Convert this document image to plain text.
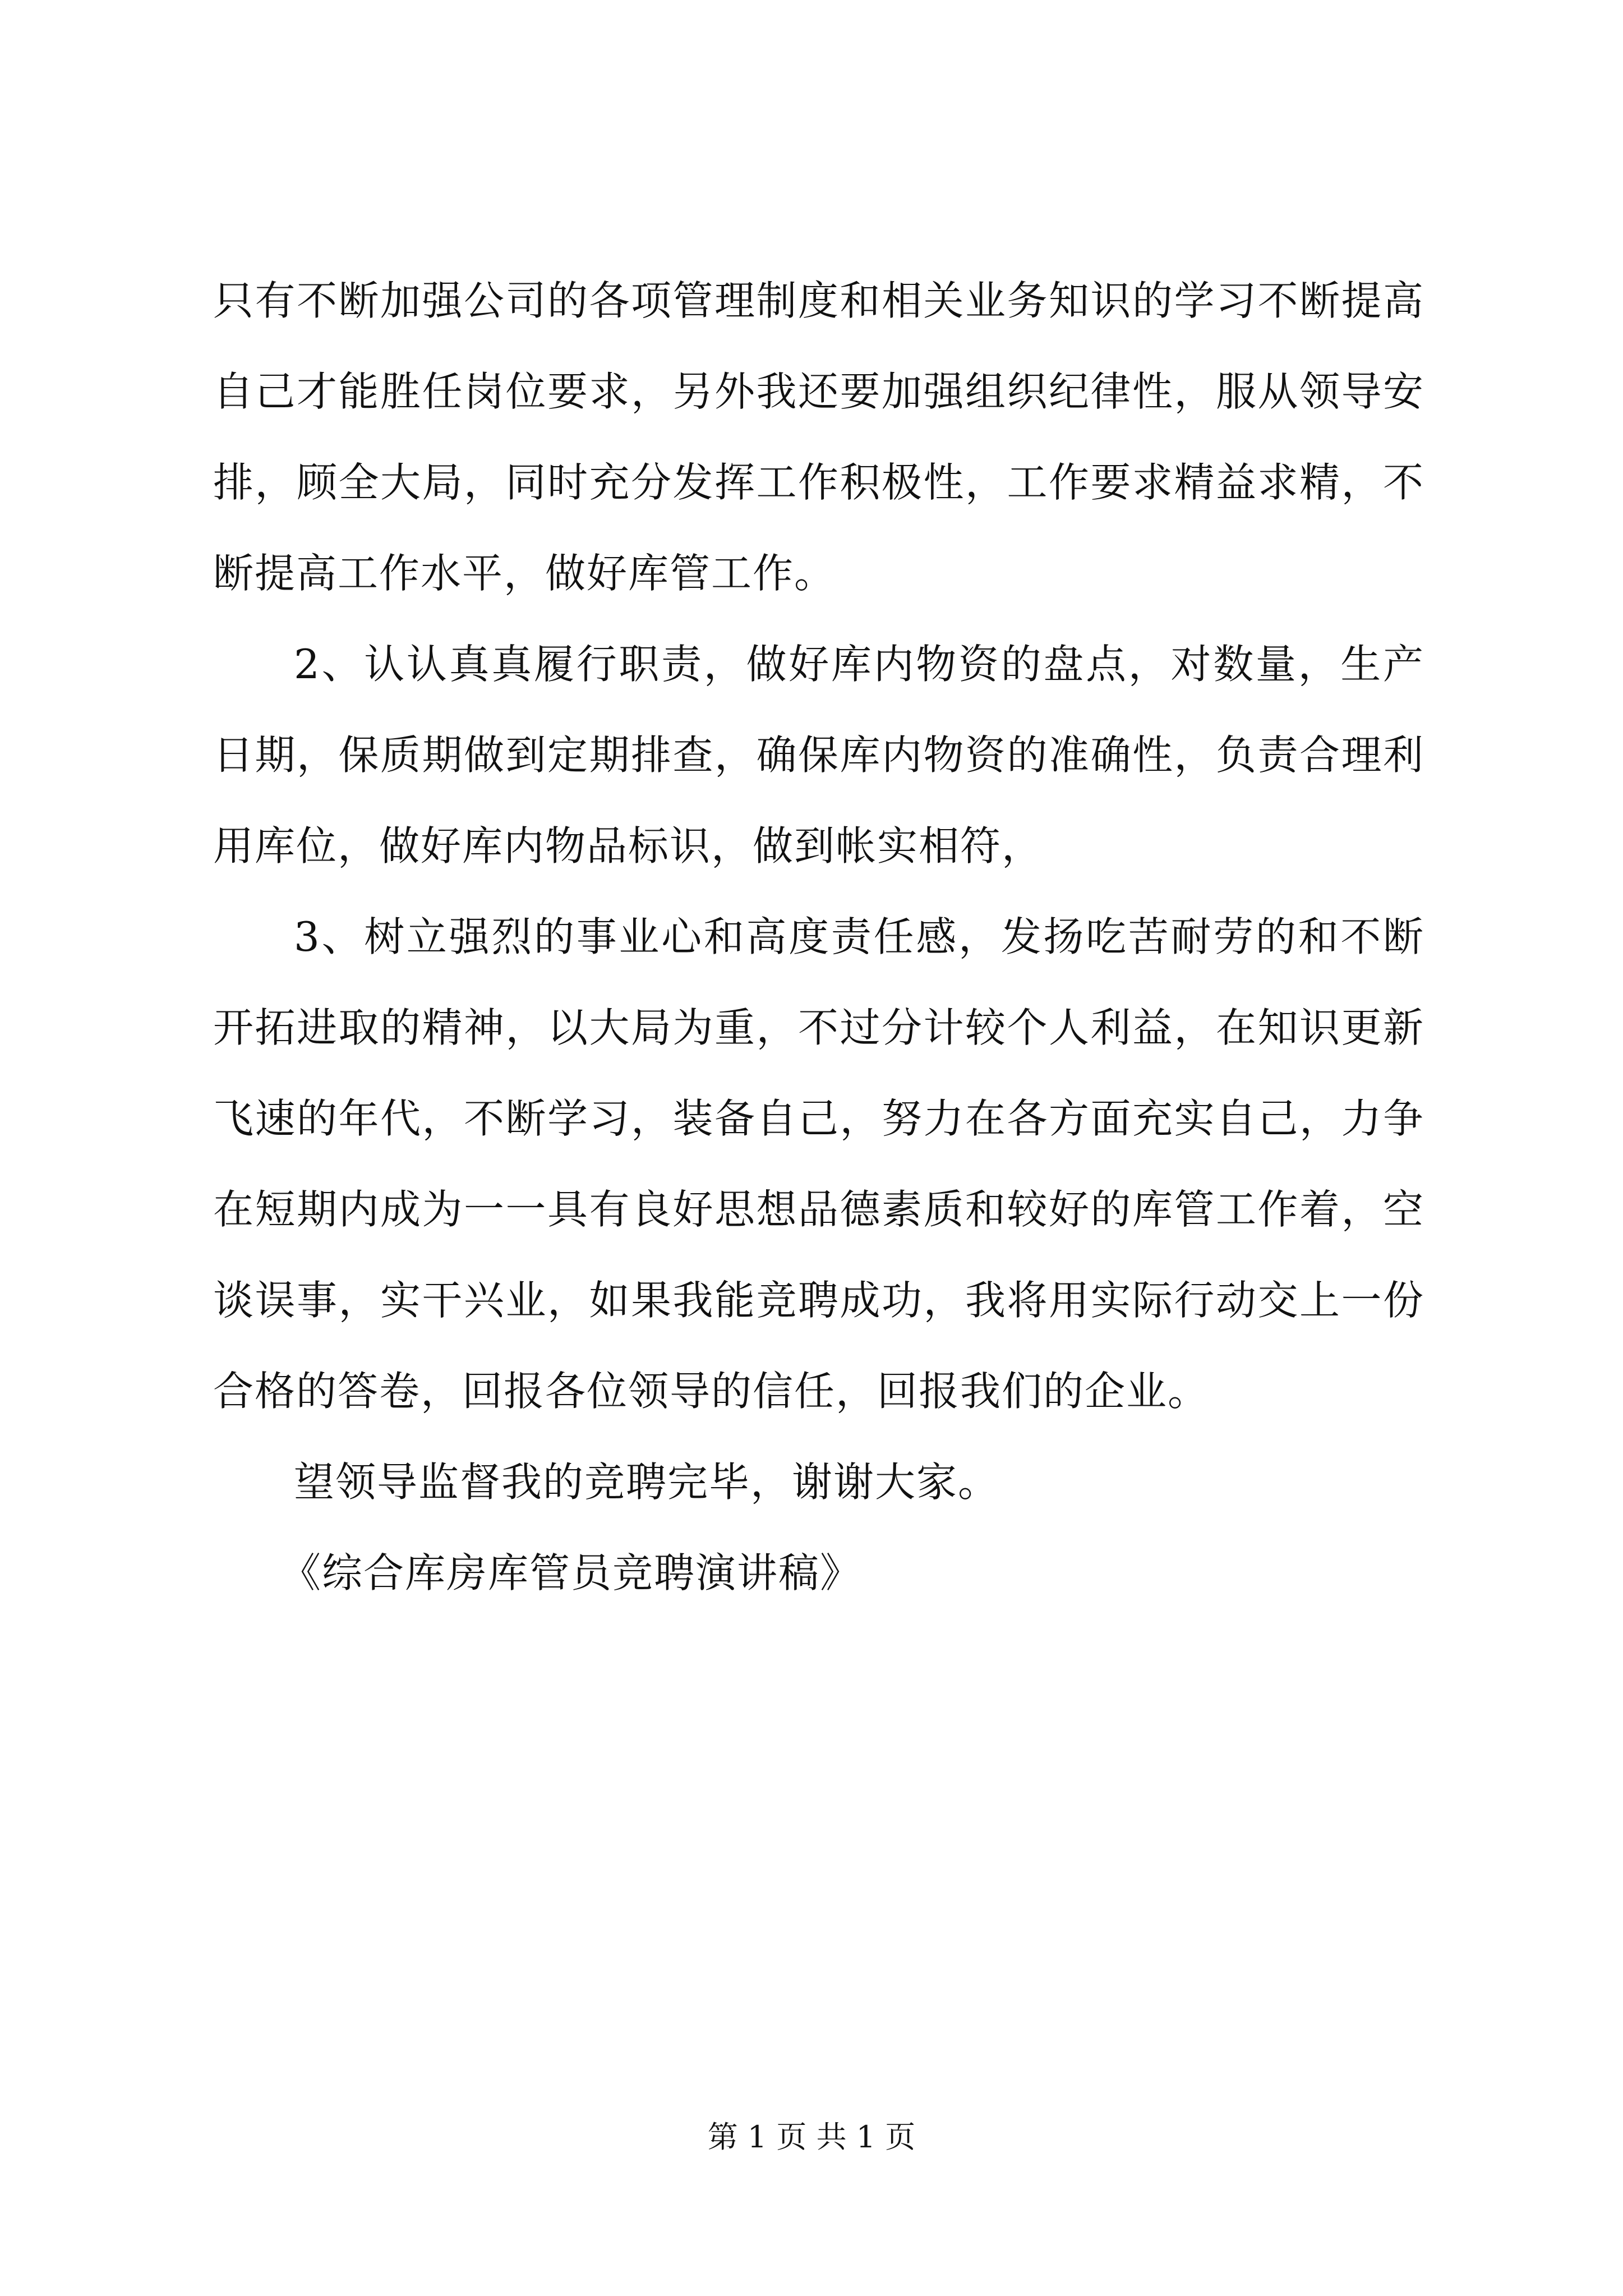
只有不断加强公司的各项管理制度和相关业务知识的学习不断提高自己才能胜任岗位要求，另外我还要加强组织纪律性，服从领导安排，顾全大局，同时充分发挥工作积极性，工作要求精益求精，不断提高工作水平，做好库管工作。

2、认认真真履行职责，做好库内物资的盘点，对数量，生产日期，保质期做到定期排查，确保库内物资的准确性，负责合理利用库位，做好库内物品标识，做到帐实相符，

3、树立强烈的事业心和高度责任感，发扬吃苦耐劳的和不断开拓进取的精神，以大局为重，不过分计较个人利益，在知识更新飞速的年代，不断学习，装备自己，努力在各方面充实自己，力争在短期内成为一一具有良好思想品德素质和较好的库管工作着，空谈误事，实干兴业，如果我能竞聘成功，我将用实际行动交上一份合格的答卷，回报各位领导的信任，回报我们的企业。

望领导监督我的竞聘完毕，谢谢大家。

《综合库房库管员竞聘演讲稿》

第 1 页 共 1 页
